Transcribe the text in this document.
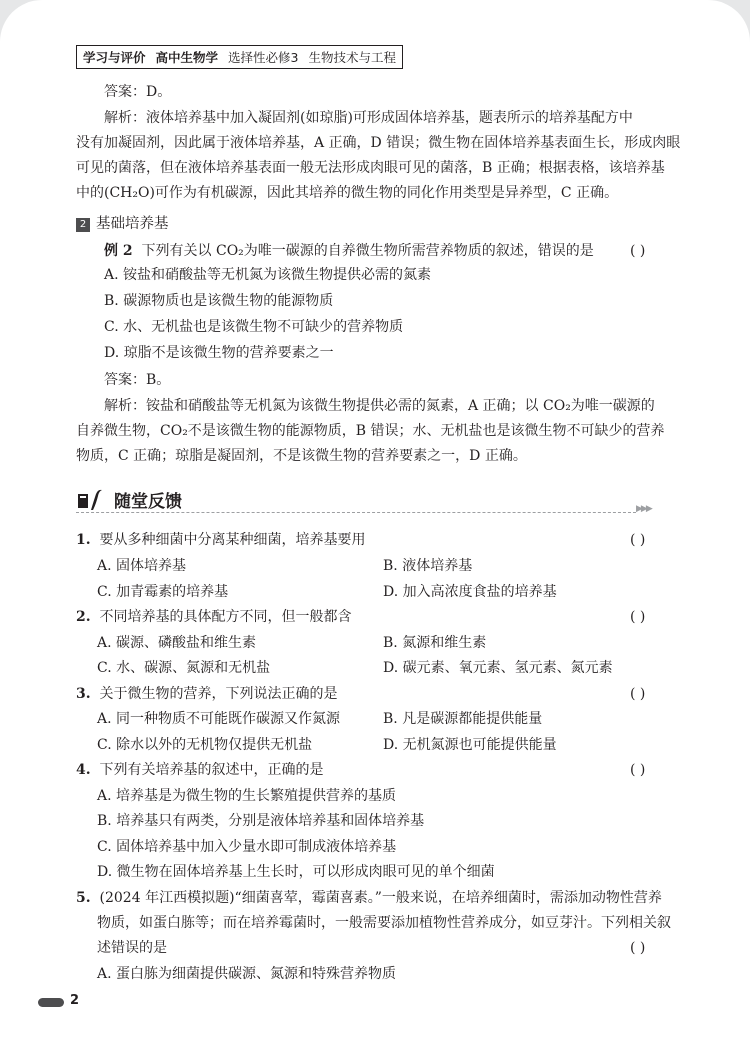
学习与评价 高中生物学 选择性必修3 生物技术与工程
答案：D。
解析：液体培养基中加入凝固剂(如琼脂)可形成固体培养基，题表所示的培养基配方中
没有加凝固剂，因此属于液体培养基，A 正确，D 错误；微生物在固体培养基表面生长，形成肉眼
可见的菌落，但在液体培养基表面一般无法形成肉眼可见的菌落，B 正确；根据表格，该培养基
中的(CH₂O)可作为有机碳源，因此其培养的微生物的同化作用类型是异养型，C 正确。
2 基础培养基
例 2 下列有关以 CO₂为唯一碳源的自养微生物所需营养物质的叙述，错误的是	( )
A. 铵盐和硝酸盐等无机氮为该微生物提供必需的氮素
B. 碳源物质也是该微生物的能源物质
C. 水、无机盐也是该微生物不可缺少的营养物质
D. 琼脂不是该微生物的营养要素之一
答案：B。
解析：铵盐和硝酸盐等无机氮为该微生物提供必需的氮素，A 正确；以 CO₂为唯一碳源的
自养微生物，CO₂不是该微生物的能源物质，B 错误；水、无机盐也是该微生物不可缺少的营养
物质，C 正确；琼脂是凝固剂，不是该微生物的营养要素之一，D 正确。
随堂反馈	▶▶▶
1. 要从多种细菌中分离某种细菌，培养基要用	( )
A. 固体培养基	B. 液体培养基
C. 加青霉素的培养基	D. 加入高浓度食盐的培养基
2. 不同培养基的具体配方不同，但一般都含	( )
A. 碳源、磷酸盐和维生素	B. 氮源和维生素
C. 水、碳源、氮源和无机盐	D. 碳元素、氧元素、氢元素、氮元素
3. 关于微生物的营养，下列说法正确的是	( )
A. 同一种物质不可能既作碳源又作氮源	B. 凡是碳源都能提供能量
C. 除水以外的无机物仅提供无机盐	D. 无机氮源也可能提供能量
4. 下列有关培养基的叙述中，正确的是	( )
A. 培养基是为微生物的生长繁殖提供营养的基质
B. 培养基只有两类，分别是液体培养基和固体培养基
C. 固体培养基中加入少量水即可制成液体培养基
D. 微生物在固体培养基上生长时，可以形成肉眼可见的单个细菌
5. (2024 年江西模拟题)“细菌喜荤，霉菌喜素。”一般来说，在培养细菌时，需添加动物性营养
物质，如蛋白胨等；而在培养霉菌时，一般需要添加植物性营养成分，如豆芽汁。下列相关叙
述错误的是	( )
A. 蛋白胨为细菌提供碳源、氮源和特殊营养物质
2
